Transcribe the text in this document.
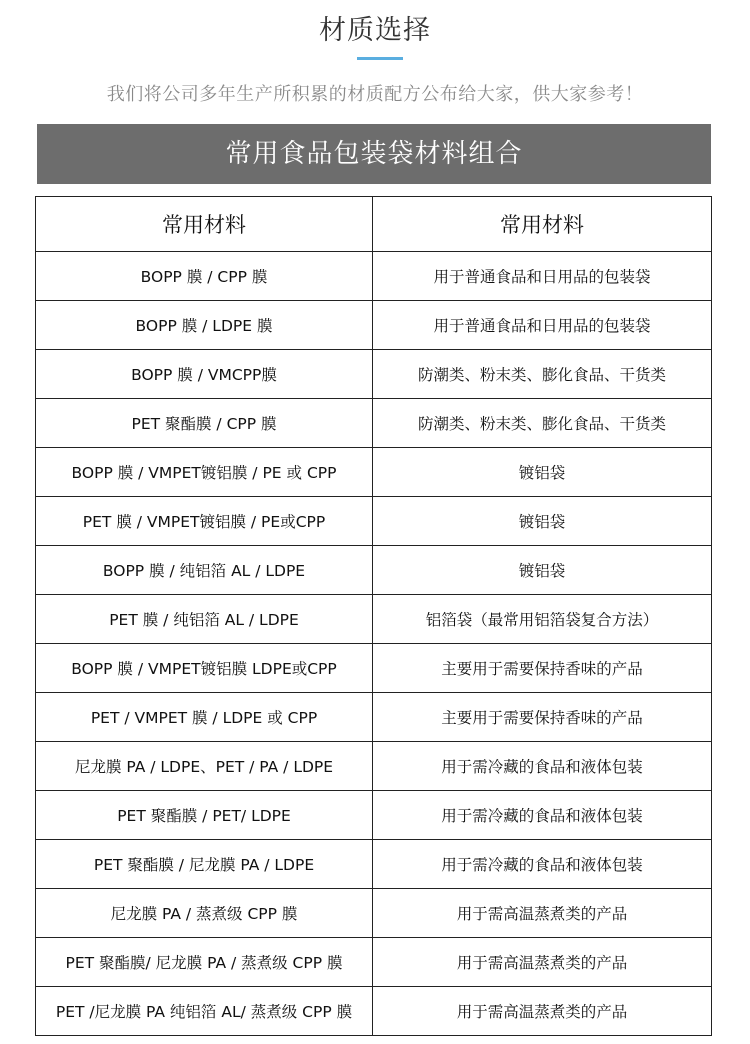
材质选择
我们将公司多年生产所积累的材质配方公布给大家，供大家参考！
常用食品包装袋材料组合
常用材料	常用材料
BOPP 膜 / CPP 膜	用于普通食品和日用品的包装袋
BOPP 膜 / LDPE 膜	用于普通食品和日用品的包装袋
BOPP 膜 / VMCPP膜	防潮类、粉末类、膨化食品、干货类
PET 聚酯膜 / CPP 膜	防潮类、粉末类、膨化食品、干货类
BOPP 膜 / VMPET镀铝膜 / PE 或 CPP	镀铝袋
PET 膜 / VMPET镀铝膜 / PE或CPP	镀铝袋
BOPP 膜 / 纯铝箔 AL / LDPE	镀铝袋
PET 膜 / 纯铝箔 AL / LDPE	铝箔袋（最常用铝箔袋复合方法）
BOPP 膜 / VMPET镀铝膜 LDPE或CPP	主要用于需要保持香味的产品
PET / VMPET 膜 / LDPE 或 CPP	主要用于需要保持香味的产品
尼龙膜 PA / LDPE、PET / PA / LDPE	用于需冷藏的食品和液体包装
PET 聚酯膜 / PET/ LDPE	用于需冷藏的食品和液体包装
PET 聚酯膜 / 尼龙膜 PA / LDPE	用于需冷藏的食品和液体包装
尼龙膜 PA / 蒸煮级 CPP 膜	用于需高温蒸煮类的产品
PET 聚酯膜/ 尼龙膜 PA / 蒸煮级 CPP 膜	用于需高温蒸煮类的产品
PET /尼龙膜 PA 纯铝箔 AL/ 蒸煮级 CPP 膜	用于需高温蒸煮类的产品
